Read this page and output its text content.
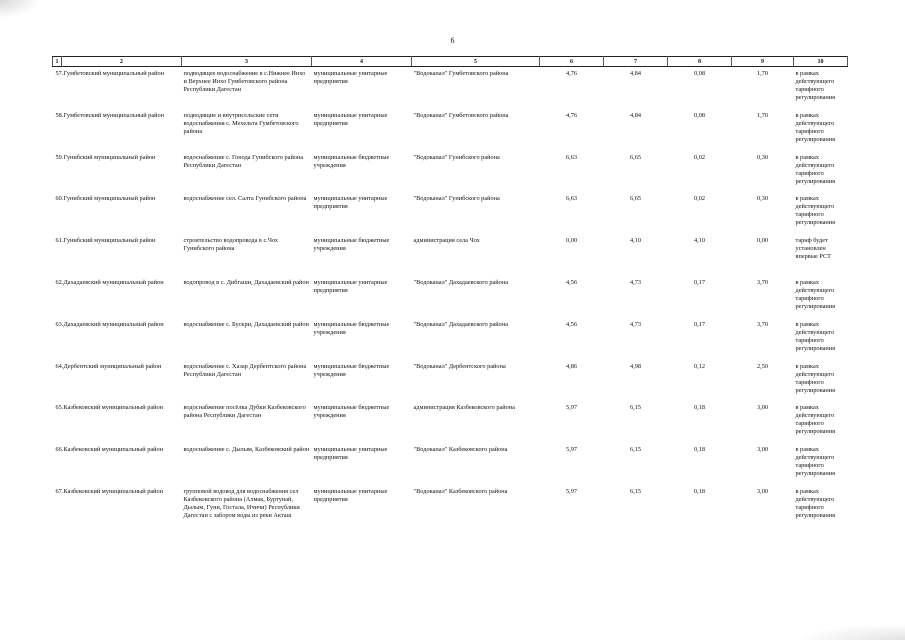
6
1	2	3	4	5	6	7	8	9	10
57.	Гумбетовский муниципальный район	подводящее водоснабжение в с.Нижнее Инхо и Верхнее Инхо Гумбетовского района Республики Дагестан	муниципальные унитарные предприятия	"Водоканал" Гумбетовского района	4,76	4,84	0,08	1,70	в рамках действующего тарифного регулирования
58.	Гумбетовский муниципальный район	подводящие и внутрисельские сети водоснабжения с. Мехельта Гумбетовского района	муниципальные унитарные предприятия	"Водоканал" Гумбетовского района	4,76	4,84	0,08	1,70	в рамках действующего тарифного регулирования
59.	Гунибский муниципальный район	водоснабжение с. Гонода Гунибского района Республики Дагестан	муниципальные бюджетные учреждения	"Водоканал" Гунибского района	6,63	6,65	0,02	0,30	в рамках действующего тарифного регулирования
60.	Гунибский муниципальный район	водоснабжение сел. Салта Гунибского района	муниципальные унитарные предприятия	"Водоканал" Гунибского района	6,63	6,65	0,02	0,30	в рамках действующего тарифного регулирования
61.	Гунибский муниципальный район	строительство водопровода в с.Чох Гунибского района	муниципальные бюджетные учреждения	администрация села Чох	0,00	4,10	4,10	0,00	тариф будет установлен впервые РСТ
62.	Дахадаевский муниципальный район	водопровод в с. Дибгаши, Дахадаевский район	муниципальные унитарные предприятия	"Водоканал" Дахадаевского района	4,56	4,73	0,17	3,70	в рамках действующего тарифного регулирования
63.	Дахадаевский муниципальный район	водоснабжение с. Бускри, Дахадаевский район	муниципальные бюджетные учреждения	"Водоканал" Дахадаевского района	4,56	4,73	0,17	3,70	в рамках действующего тарифного регулирования
64.	Дербентский муниципальный район	водоснабжение с. Хазар Дербентского района Республики Дагестан	муниципальные бюджетные учреждения	"Водоканал" Дербентского района	4,86	4,98	0,12	2,50	в рамках действующего тарифного регулирования
65.	Казбековский муниципальный район	водоснабжение посёлка Дубки Казбековского района Республики Дагестан	муниципальные бюджетные учреждения	администрация Казбековского района	5,97	6,15	0,18	3,00	в рамках действующего тарифного регулирования
66.	Казбековский муниципальный район	водоснабжение с. Дылым, Казбековский район	муниципальные унитарные предприятия	"Водоканал" Казбековского района	5,97	6,15	0,18	3,00	в рамках действующего тарифного регулирования
67.	Казбековский муниципальный район	групповой водовод для водоснабжения сел Казбековского района (Алмак, Буртунай, Дылым, Гуни, Гостала, Ичичи) Республики Дагестан с забором воды из реки Акташ	муниципальные унитарные предприятия	"Водоканал" Казбековского района	5,97	6,15	0,18	3,00	в рамках действующего тарифного регулирования
